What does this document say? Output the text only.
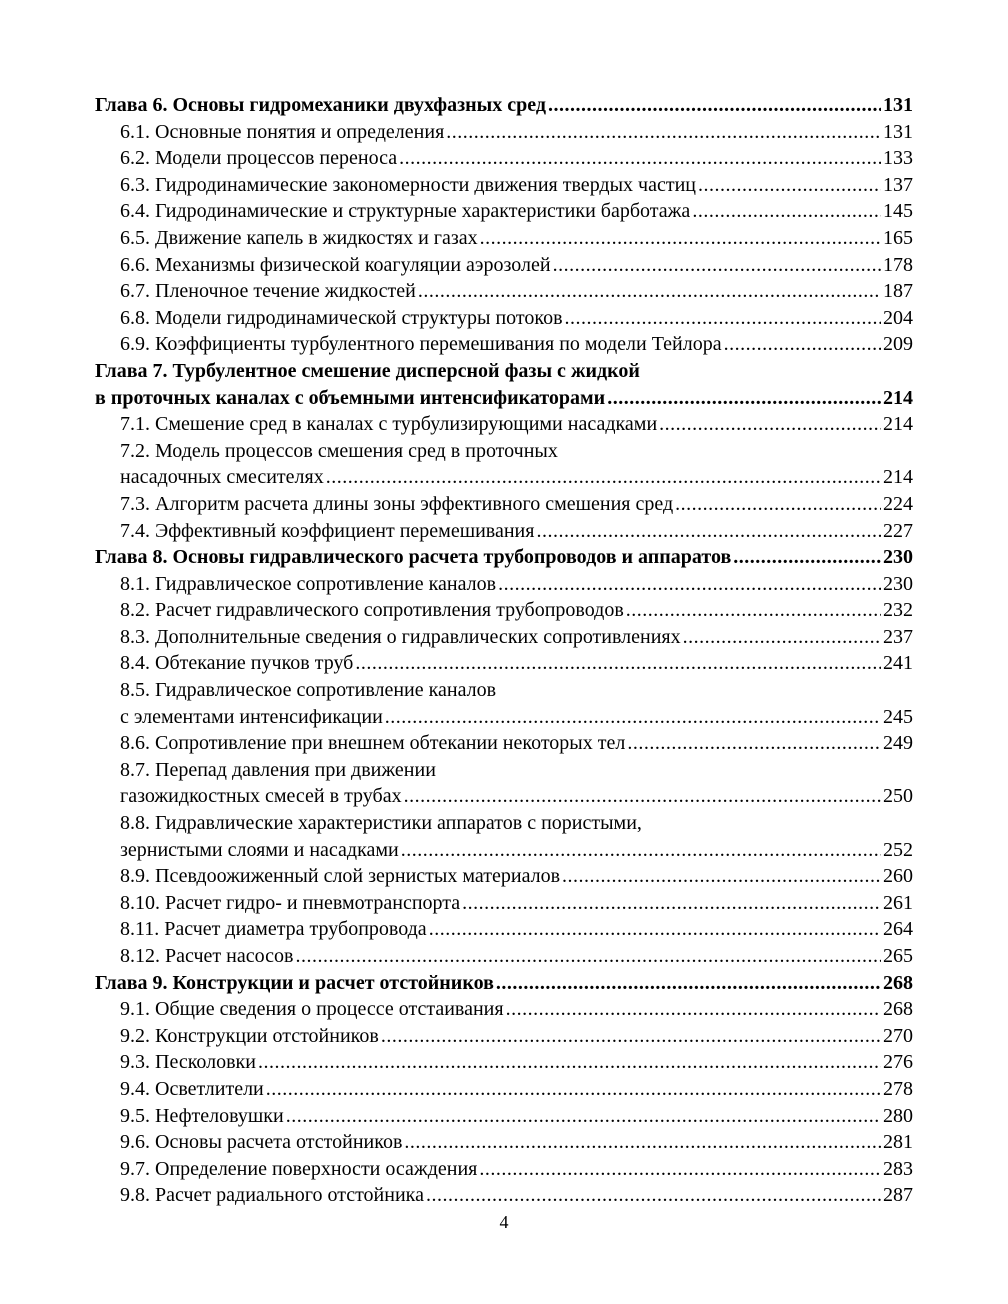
Глава 6. Основы гидромеханики двухфазных сред .....	131
6.1. Основные понятия и определения .....	131
6.2. Модели процессов переноса .....	133
6.3. Гидродинамические закономерности движения твердых частиц .....	137
6.4. Гидродинамические и структурные характеристики барботажа .....	145
6.5. Движение капель в жидкостях и газах .....	165
6.6. Механизмы физической коагуляции аэрозолей .....	178
6.7. Пленочное течение жидкостей .....	187
6.8. Модели гидродинамической структуры потоков .....	204
6.9. Коэффициенты турбулентного перемешивания по модели Тейлора .....	209
Глава 7. Турбулентное смешение дисперсной фазы с жидкой
в проточных каналах с объемными интенсификаторами .....	214
7.1. Смешение сред в каналах с турбулизирующими насадками .....	214
7.2. Модель процессов смешения сред в проточных
насадочных смесителях .....	214
7.3. Алгоритм расчета длины зоны эффективного смешения сред .....	224
7.4. Эффективный коэффициент перемешивания .....	227
Глава 8. Основы гидравлического расчета трубопроводов и аппаратов .....	230
8.1. Гидравлическое сопротивление каналов .....	230
8.2. Расчет гидравлического сопротивления трубопроводов .....	232
8.3. Дополнительные сведения о гидравлических сопротивлениях .....	237
8.4. Обтекание пучков труб .....	241
8.5. Гидравлическое сопротивление каналов
с элементами интенсификации .....	245
8.6. Сопротивление при внешнем обтекании некоторых тел .....	249
8.7. Перепад давления при движении
газожидкостных смесей в трубах .....	250
8.8. Гидравлические характеристики аппаратов с пористыми,
зернистыми слоями и насадками .....	252
8.9. Псевдоожиженный слой зернистых материалов .....	260
8.10. Расчет гидро- и пневмотранспорта .....	261
8.11. Расчет диаметра трубопровода .....	264
8.12. Расчет насосов .....	265
Глава 9. Конструкции и расчет отстойников .....	268
9.1. Общие сведения о процессе отстаивания .....	268
9.2. Конструкции отстойников .....	270
9.3. Песколовки .....	276
9.4. Осветлители .....	278
9.5. Нефтеловушки .....	280
9.6. Основы расчета отстойников .....	281
9.7. Определение поверхности осаждения .....	283
9.8. Расчет радиального отстойника .....	287
4
